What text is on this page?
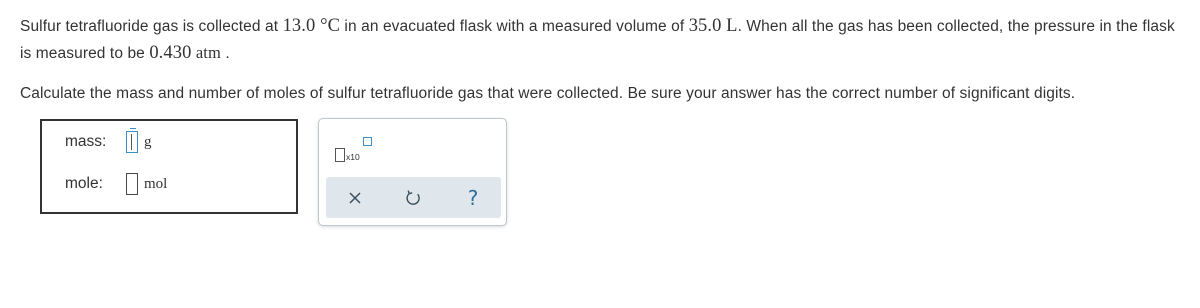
Sulfur tetrafluoride gas is collected at 13.0 °C in an evacuated flask with a measured volume of 35.0 L. When all the gas has been collected, the pressure in the flask is measured to be 0.430 atm .

Calculate the mass and number of moles of sulfur tetrafluoride gas that were collected. Be sure your answer has the correct number of significant digits.

mass:	g
mole:	mol
x10
?
